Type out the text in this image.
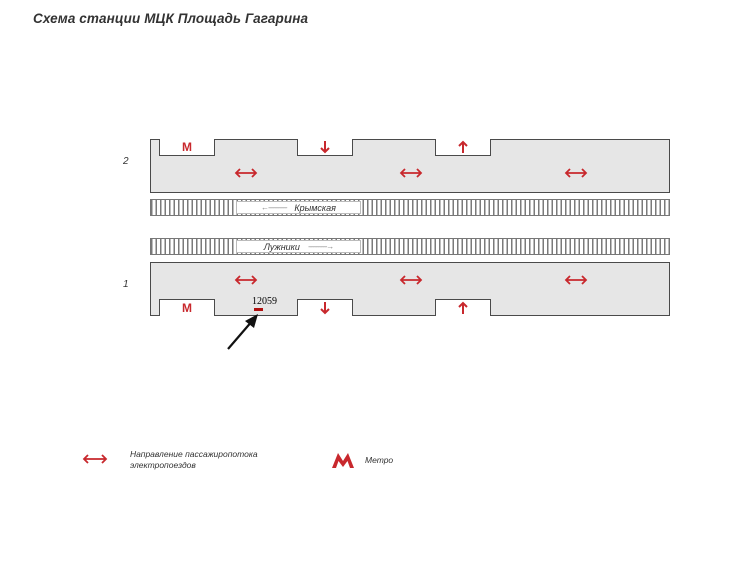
Схема станции МЦК Площадь Гагарина
2
М
←----------- Крымская
Лужники -----------→
1
М	12059
Направление пассажиропотока
электропоездов	Метро
